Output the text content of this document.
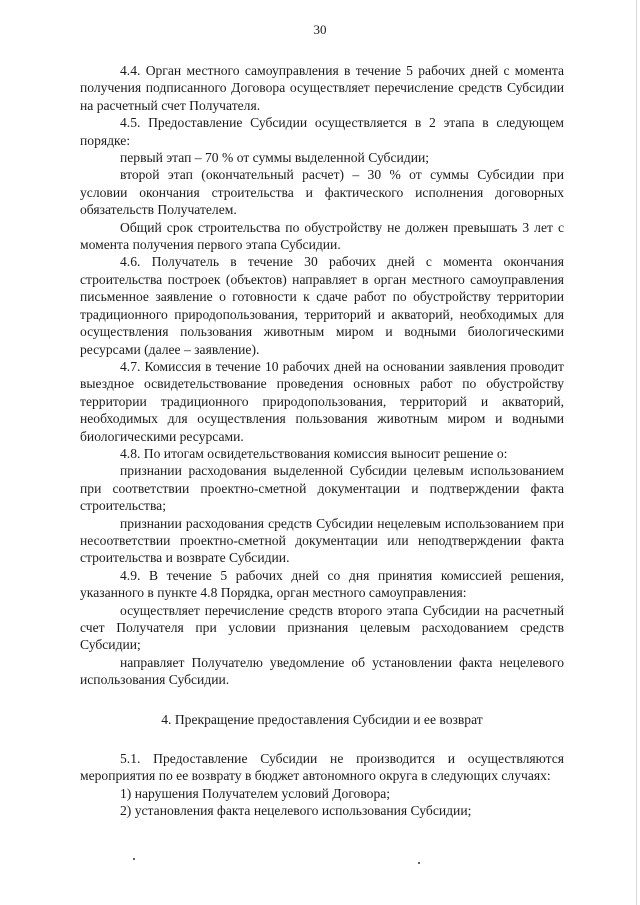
30

4.4. Орган местного самоуправления в течение 5 рабочих дней с момента получения подписанного Договора осуществляет перечисление средств Субсидии на расчетный счет Получателя.

4.5. Предоставление Субсидии осуществляется в 2 этапа в следующем порядке:

первый этап – 70 % от суммы выделенной Субсидии;

второй этап (окончательный расчет) – 30 % от суммы Субсидии при условии окончания строительства и фактического исполнения договорных обязательств Получателем.

Общий срок строительства по обустройству не должен превышать 3 лет с момента получения первого этапа Субсидии.

4.6. Получатель в течение 30 рабочих дней с момента окончания строительства построек (объектов) направляет в орган местного самоуправления письменное заявление о готовности к сдаче работ по обустройству территории традиционного природопользования, территорий и акваторий, необходимых для осуществления пользования животным миром и водными биологическими ресурсами (далее – заявление).

4.7. Комиссия в течение 10 рабочих дней на основании заявления проводит выездное освидетельствование проведения основных работ по обустройству территории традиционного природопользования, территорий и акваторий, необходимых для осуществления пользования животным миром и водными биологическими ресурсами.

4.8. По итогам освидетельствования комиссия выносит решение о:

признании расходования выделенной Субсидии целевым использованием при соответствии проектно-сметной документации и подтверждении факта строительства;

признании расходования средств Субсидии нецелевым использованием при несоответствии проектно-сметной документации или неподтверждении факта строительства и возврате Субсидии.

4.9. В течение 5 рабочих дней со дня принятия комиссией решения, указанного в пункте 4.8 Порядка, орган местного самоуправления:

осуществляет перечисление средств второго этапа Субсидии на расчетный счет Получателя при условии признания целевым расходованием средств Субсидии;

направляет Получателю уведомление об установлении факта нецелевого использования Субсидии.

4. Прекращение предоставления Субсидии и ее возврат

5.1. Предоставление Субсидии не производится и осуществляются мероприятия по ее возврату в бюджет автономного округа в следующих случаях:

1) нарушения Получателем условий Договора;

2) установления факта нецелевого использования Субсидии;
